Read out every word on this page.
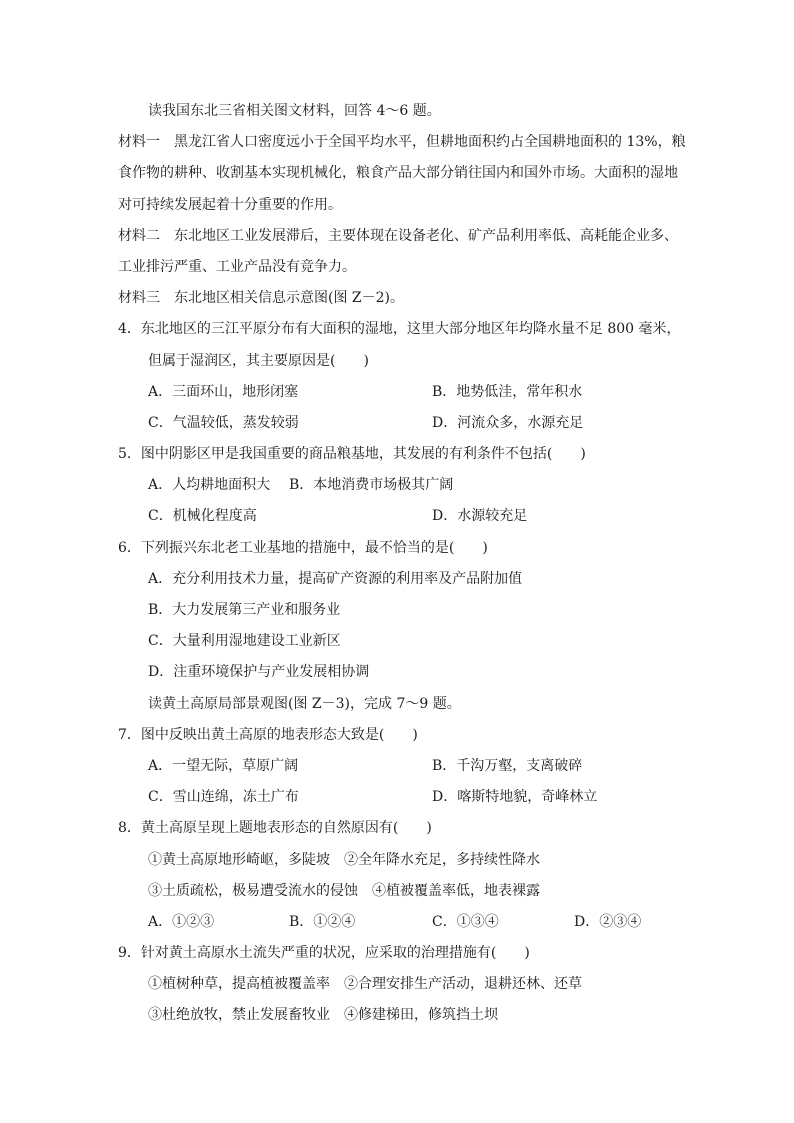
读我国东北三省相关图文材料，回答 4～6 题。
材料一　黑龙江省人口密度远小于全国平均水平，但耕地面积约占全国耕地面积的 13%，粮
食作物的耕种、收割基本实现机械化，粮食产品大部分销往国内和国外市场。大面积的湿地
对可持续发展起着十分重要的作用。
材料二　东北地区工业发展滞后，主要体现在设备老化、矿产品利用率低、高耗能企业多、
工业排污严重、工业产品没有竞争力。
材料三　东北地区相关信息示意图(图 Z－2)。
4．东北地区的三江平原分布有大面积的湿地，这里大部分地区年均降水量不足 800 毫米，
但属于湿润区，其主要原因是(　　)
A．三面环山，地形闭塞	B．地势低洼，常年积水
C．气温较低，蒸发较弱	D．河流众多，水源充足
5．图中阴影区甲是我国重要的商品粮基地，其发展的有利条件不包括(　　)
A．人均耕地面积大 B．本地消费市场极其广阔
C．机械化程度高	D．水源较充足
6．下列振兴东北老工业基地的措施中，最不恰当的是(　　)
A．充分利用技术力量，提高矿产资源的利用率及产品附加值
B．大力发展第三产业和服务业
C．大量利用湿地建设工业新区
D．注重环境保护与产业发展相协调
读黄土高原局部景观图(图 Z－3)，完成 7～9 题。
7．图中反映出黄土高原的地表形态大致是(　　)
A．一望无际，草原广阔	B．千沟万壑，支离破碎
C．雪山连绵，冻土广布	D．喀斯特地貌，奇峰林立
8．黄土高原呈现上题地表形态的自然原因有(　　)
①黄土高原地形崎岖，多陡坡　②全年降水充足，多持续性降水
③土质疏松，极易遭受流水的侵蚀　④植被覆盖率低，地表裸露
A．①②③	B．①②④	C．①③④	D．②③④
9．针对黄土高原水土流失严重的状况，应采取的治理措施有(　　)
①植树种草，提高植被覆盖率　②合理安排生产活动，退耕还林、还草
③杜绝放牧，禁止发展畜牧业　④修建梯田，修筑挡土坝
